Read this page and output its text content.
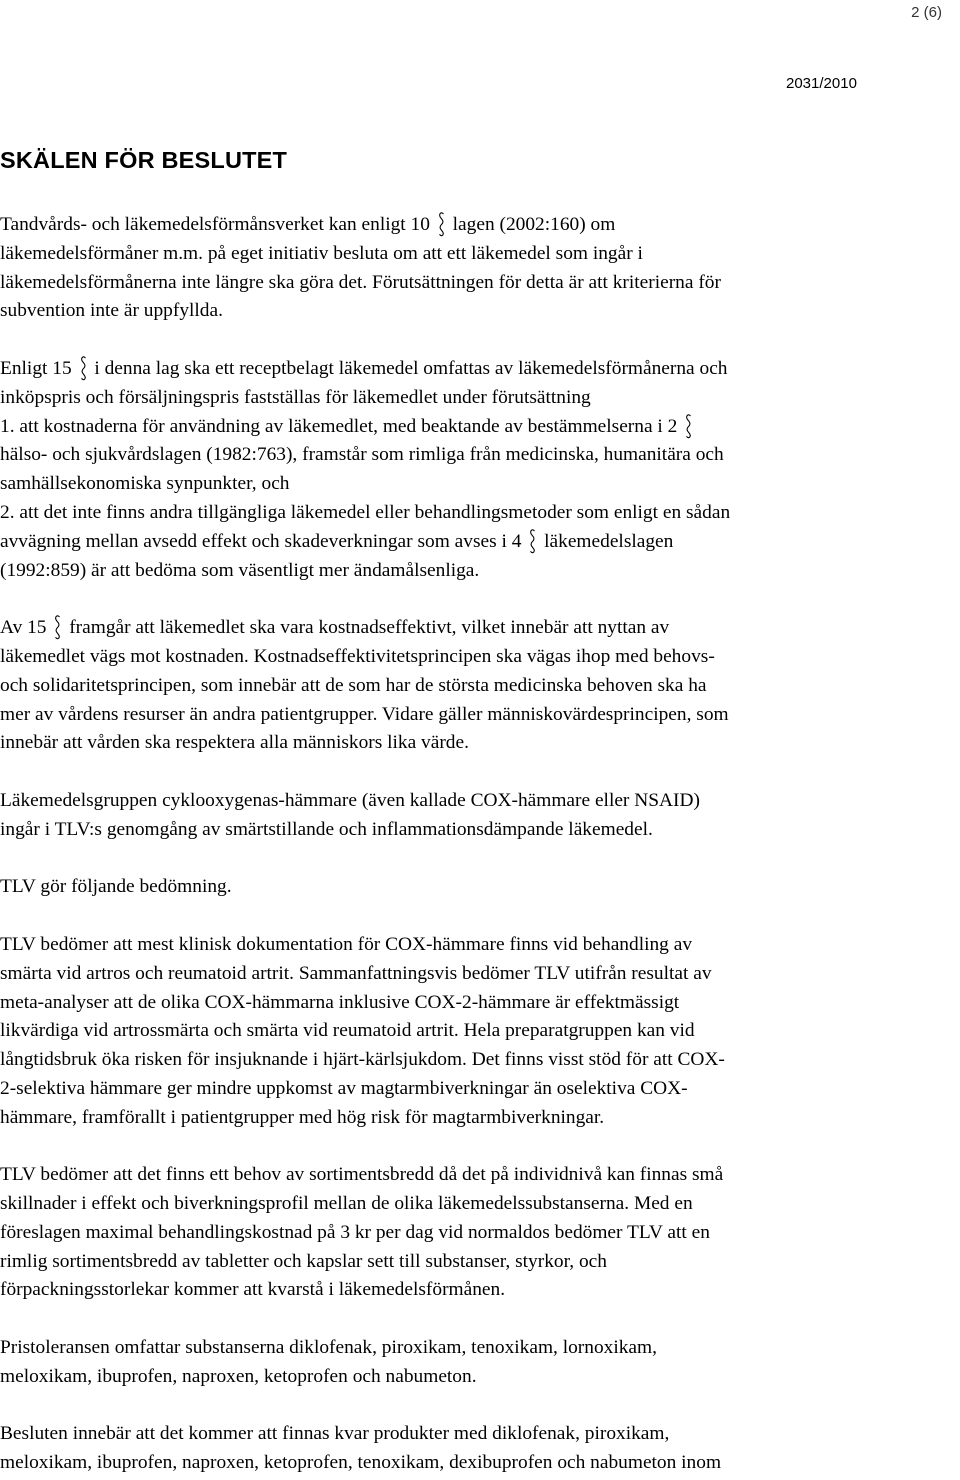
2 (6)
2031/2010
SKÄLEN FÖR BESLUTET

Tandvårds- och läkemedelsförmånsverket kan enligt 10 lagen (2002:160) om
läkemedelsförmåner m.m. på eget initiativ besluta om att ett läkemedel som ingår i
läkemedelsförmånerna inte längre ska göra det. Förutsättningen för detta är att kriterierna för
subvention inte är uppfyllda.

Enligt 15 i denna lag ska ett receptbelagt läkemedel omfattas av läkemedelsförmånerna och
inköpspris och försäljningspris fastställas för läkemedlet under förutsättning
1. att kostnaderna för användning av läkemedlet, med beaktande av bestämmelserna i 2
hälso- och sjukvårdslagen (1982:763), framstår som rimliga från medicinska, humanitära och
samhällsekonomiska synpunkter, och
2. att det inte finns andra tillgängliga läkemedel eller behandlingsmetoder som enligt en sådan
avvägning mellan avsedd effekt och skadeverkningar som avses i 4 läkemedelslagen
(1992:859) är att bedöma som väsentligt mer ändamålsenliga.

Av 15 framgår att läkemedlet ska vara kostnadseffektivt, vilket innebär att nyttan av
läkemedlet vägs mot kostnaden. Kostnadseffektivitetsprincipen ska vägas ihop med behovs-
och solidaritetsprincipen, som innebär att de som har de största medicinska behoven ska ha
mer av vårdens resurser än andra patientgrupper. Vidare gäller människovärdesprincipen, som
innebär att vården ska respektera alla människors lika värde.

Läkemedelsgruppen cyklooxygenas-hämmare (även kallade COX-hämmare eller NSAID)
ingår i TLV:s genomgång av smärtstillande och inflammationsdämpande läkemedel.

TLV gör följande bedömning.

TLV bedömer att mest klinisk dokumentation för COX-hämmare finns vid behandling av
smärta vid artros och reumatoid artrit. Sammanfattningsvis bedömer TLV utifrån resultat av
meta-analyser att de olika COX-hämmarna inklusive COX-2-hämmare är effektmässigt
likvärdiga vid artrossmärta och smärta vid reumatoid artrit. Hela preparatgruppen kan vid
långtidsbruk öka risken för insjuknande i hjärt-kärlsjukdom. Det finns visst stöd för att COX-
2-selektiva hämmare ger mindre uppkomst av magtarmbiverkningar än oselektiva COX-
hämmare, framförallt i patientgrupper med hög risk för magtarmbiverkningar.

TLV bedömer att det finns ett behov av sortimentsbredd då det på individnivå kan finnas små
skillnader i effekt och biverkningsprofil mellan de olika läkemedelssubstanserna. Med en
föreslagen maximal behandlingskostnad på 3 kr per dag vid normaldos bedömer TLV att en
rimlig sortimentsbredd av tabletter och kapslar sett till substanser, styrkor, och
förpackningsstorlekar kommer att kvarstå i läkemedelsförmånen.

Pristoleransen omfattar substanserna diklofenak, piroxikam, tenoxikam, lornoxikam,
meloxikam, ibuprofen, naproxen, ketoprofen och nabumeton.

Besluten innebär att det kommer att finnas kvar produkter med diklofenak, piroxikam,
meloxikam, ibuprofen, naproxen, ketoprofen, tenoxikam, dexibuprofen och nabumeton inom
